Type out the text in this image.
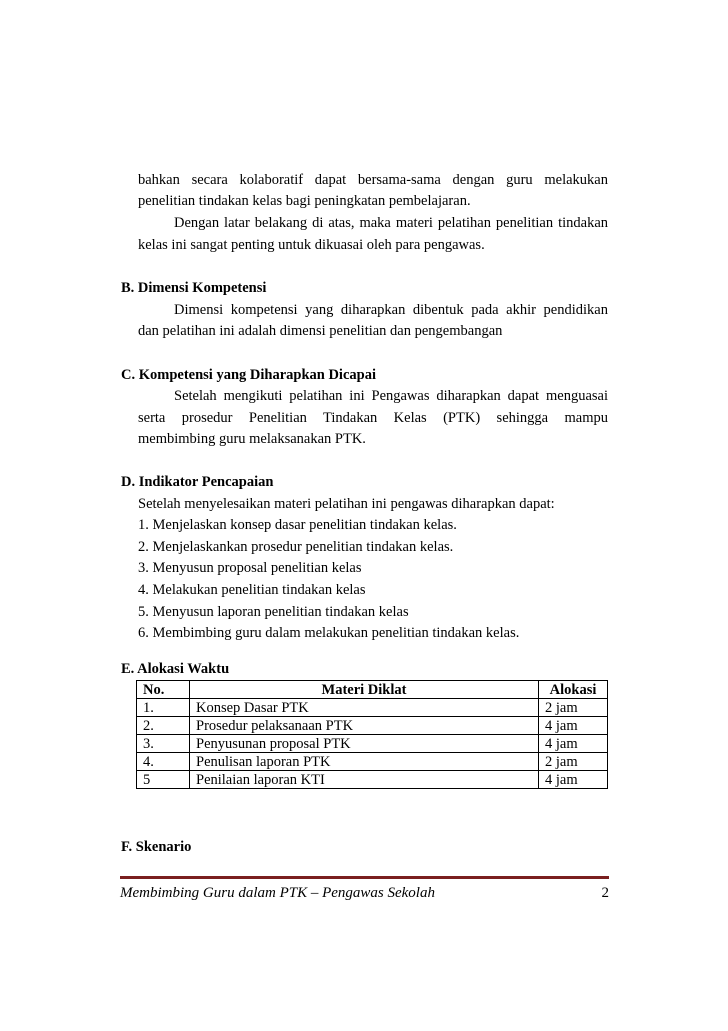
bahkan secara kolaboratif dapat bersama-sama dengan guru melakukan
penelitian tindakan kelas bagi peningkatan pembelajaran.
Dengan latar belakang di atas, maka materi pelatihan penelitian tindakan
kelas ini sangat penting untuk dikuasai oleh para pengawas.
B. Dimensi Kompetensi
Dimensi kompetensi yang diharapkan dibentuk pada akhir pendidikan
dan pelatihan ini adalah dimensi penelitian dan pengembangan
C. Kompetensi yang Diharapkan Dicapai
Setelah mengikuti pelatihan ini Pengawas diharapkan dapat menguasai
serta prosedur Penelitian Tindakan Kelas (PTK) sehingga mampu
membimbing guru melaksanakan PTK.
D. Indikator Pencapaian
Setelah menyelesaikan materi pelatihan ini pengawas diharapkan dapat:
1. Menjelaskan konsep dasar penelitian tindakan kelas.
2. Menjelaskankan prosedur penelitian tindakan kelas.
3. Menyusun proposal penelitian kelas
4. Melakukan penelitian tindakan kelas
5. Menyusun laporan penelitian tindakan kelas
6. Membimbing guru dalam melakukan penelitian tindakan kelas.
E. Alokasi Waktu
No.	Materi Diklat	Alokasi
1.	Konsep Dasar PTK	2 jam
2.	Prosedur pelaksanaan PTK	4 jam
3.	Penyusunan proposal PTK	4 jam
4.	Penulisan laporan PTK	2 jam
5	Penilaian laporan KTI	4 jam
F. Skenario
Membimbing Guru dalam PTK – Pengawas Sekolah	2
